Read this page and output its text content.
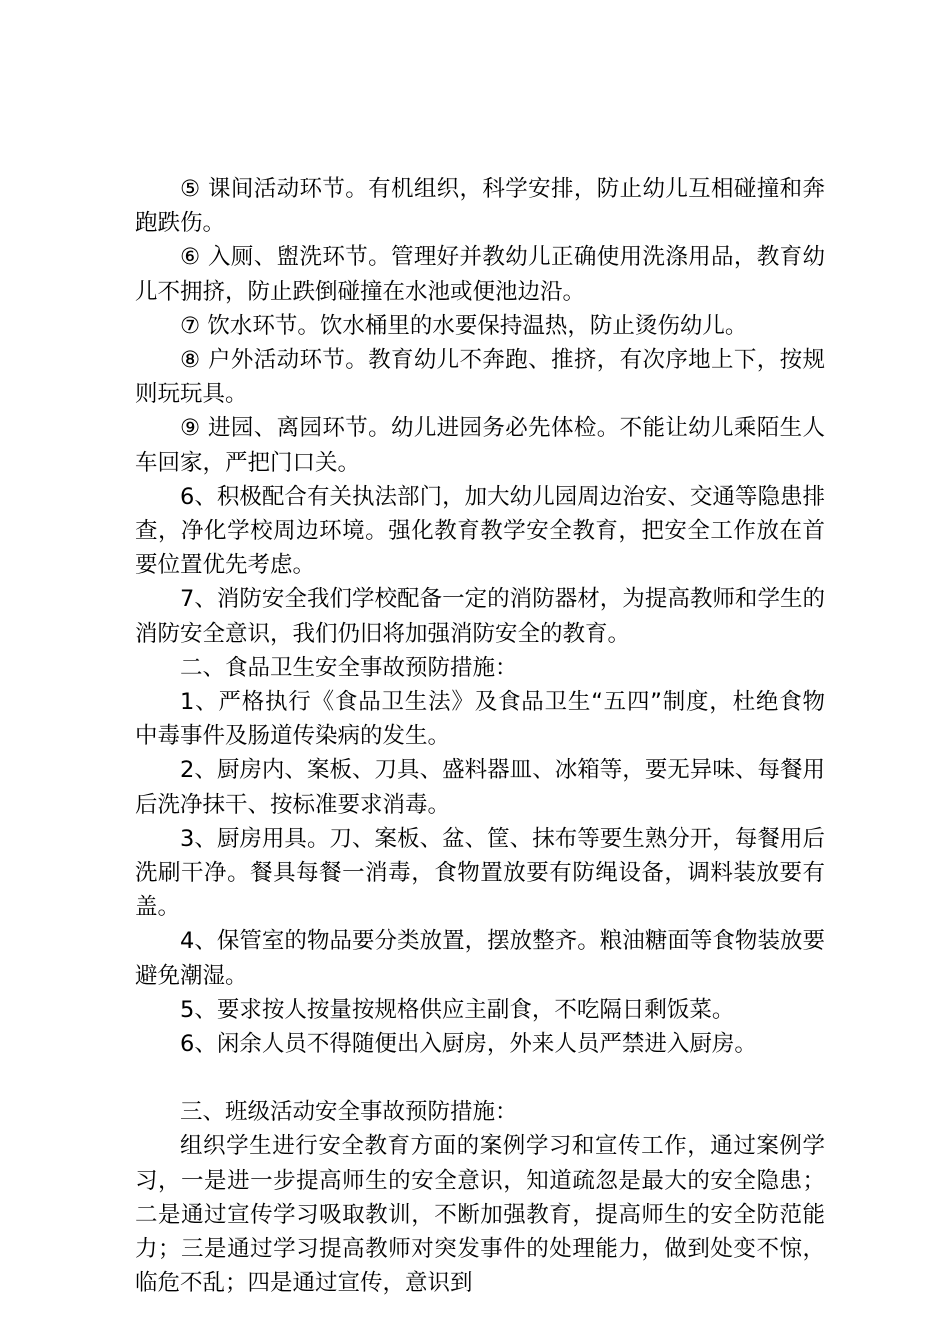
⑤ 课间活动环节。有机组织，科学安排，防止幼儿互相碰撞和奔跑跌伤。

⑥ 入厕、盥洗环节。管理好并教幼儿正确使用洗涤用品，教育幼儿不拥挤，防止跌倒碰撞在水池或便池边沿。

⑦ 饮水环节。饮水桶里的水要保持温热，防止烫伤幼儿。

⑧ 户外活动环节。教育幼儿不奔跑、推挤，有次序地上下，按规则玩玩具。

⑨ 进园、离园环节。幼儿进园务必先体检。不能让幼儿乘陌生人车回家，严把门口关。

6、积极配合有关执法部门，加大幼儿园周边治安、交通等隐患排查，净化学校周边环境。强化教育教学安全教育，把安全工作放在首要位置优先考虑。

7、消防安全我们学校配备一定的消防器材，为提高教师和学生的消防安全意识，我们仍旧将加强消防安全的教育。

二、食品卫生安全事故预防措施：

1、严格执行《食品卫生法》及食品卫生“五四”制度，杜绝食物中毒事件及肠道传染病的发生。

2、厨房内、案板、刀具、盛料器皿、冰箱等，要无异味、每餐用后洗净抹干、按标准要求消毒。

3、厨房用具。刀、案板、盆、筐、抹布等要生熟分开，每餐用后洗刷干净。餐具每餐一消毒，食物置放要有防绳设备，调料装放要有盖。

4、保管室的物品要分类放置，摆放整齐。粮油糖面等食物装放要避免潮湿。

5、要求按人按量按规格供应主副食，不吃隔日剩饭菜。

6、闲余人员不得随便出入厨房，外来人员严禁进入厨房。

三、班级活动安全事故预防措施：

组织学生进行安全教育方面的案例学习和宣传工作，通过案例学习，一是进一步提高师生的安全意识，知道疏忽是最大的安全隐患；二是通过宣传学习吸取教训，不断加强教育，提高师生的安全防范能力；三是通过学习提高教师对突发事件的处理能力，做到处变不惊，临危不乱；四是通过宣传，意识到
